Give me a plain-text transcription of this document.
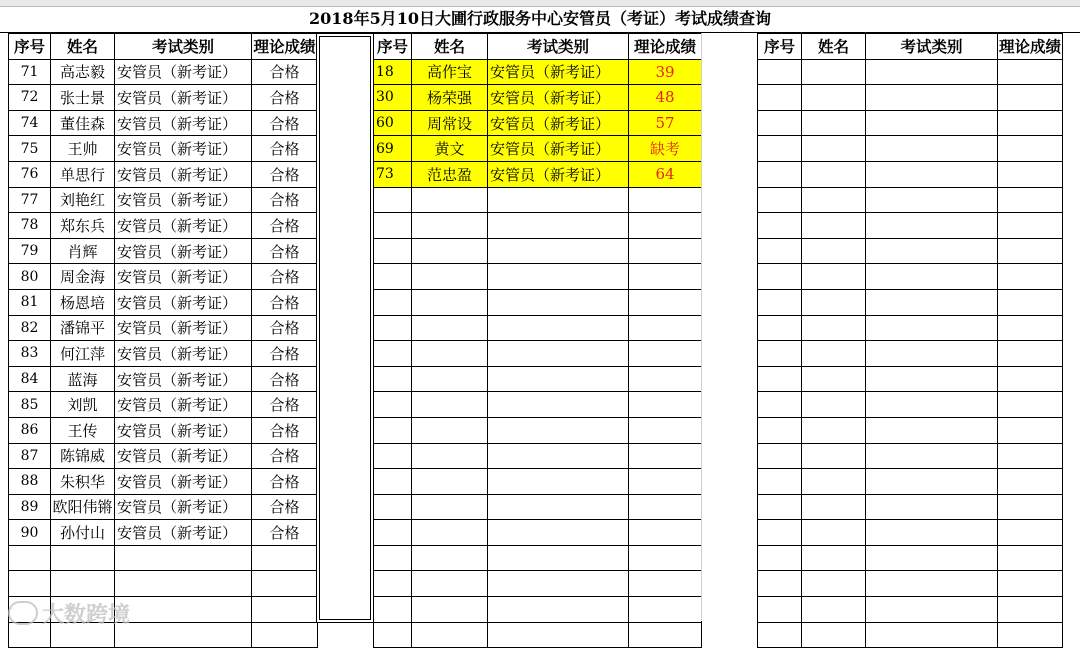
2018年5月10日大圃行政服务中心安管员（考证）考试成绩查询
序号	姓名	考试类别	理论成绩
71	高志毅	安管员（新考证）	合格
72	张士景	安管员（新考证）	合格
74	董佳森	安管员（新考证）	合格
75	王帅	安管员（新考证）	合格
76	单思行	安管员（新考证）	合格
77	刘艳红	安管员（新考证）	合格
78	郑东兵	安管员（新考证）	合格
79	肖辉	安管员（新考证）	合格
80	周金海	安管员（新考证）	合格
81	杨恩培	安管员（新考证）	合格
82	潘锦平	安管员（新考证）	合格
83	何江萍	安管员（新考证）	合格
84	蓝海	安管员（新考证）	合格
85	刘凯	安管员（新考证）	合格
86	王传	安管员（新考证）	合格
87	陈锦威	安管员（新考证）	合格
88	朱积华	安管员（新考证）	合格
89	欧阳伟锵	安管员（新考证）	合格
90	孙付山	安管员（新考证）	合格

序号	姓名	考试类别	理论成绩
18	高作宝	安管员（新考证）	39
30	杨荣强	安管员（新考证）	48
60	周常设	安管员（新考证）	57
69	黄文	安管员（新考证）	缺考
73	范忠盈	安管员（新考证）	64

序号	姓名	考试类别	理论成绩

大数跨境
